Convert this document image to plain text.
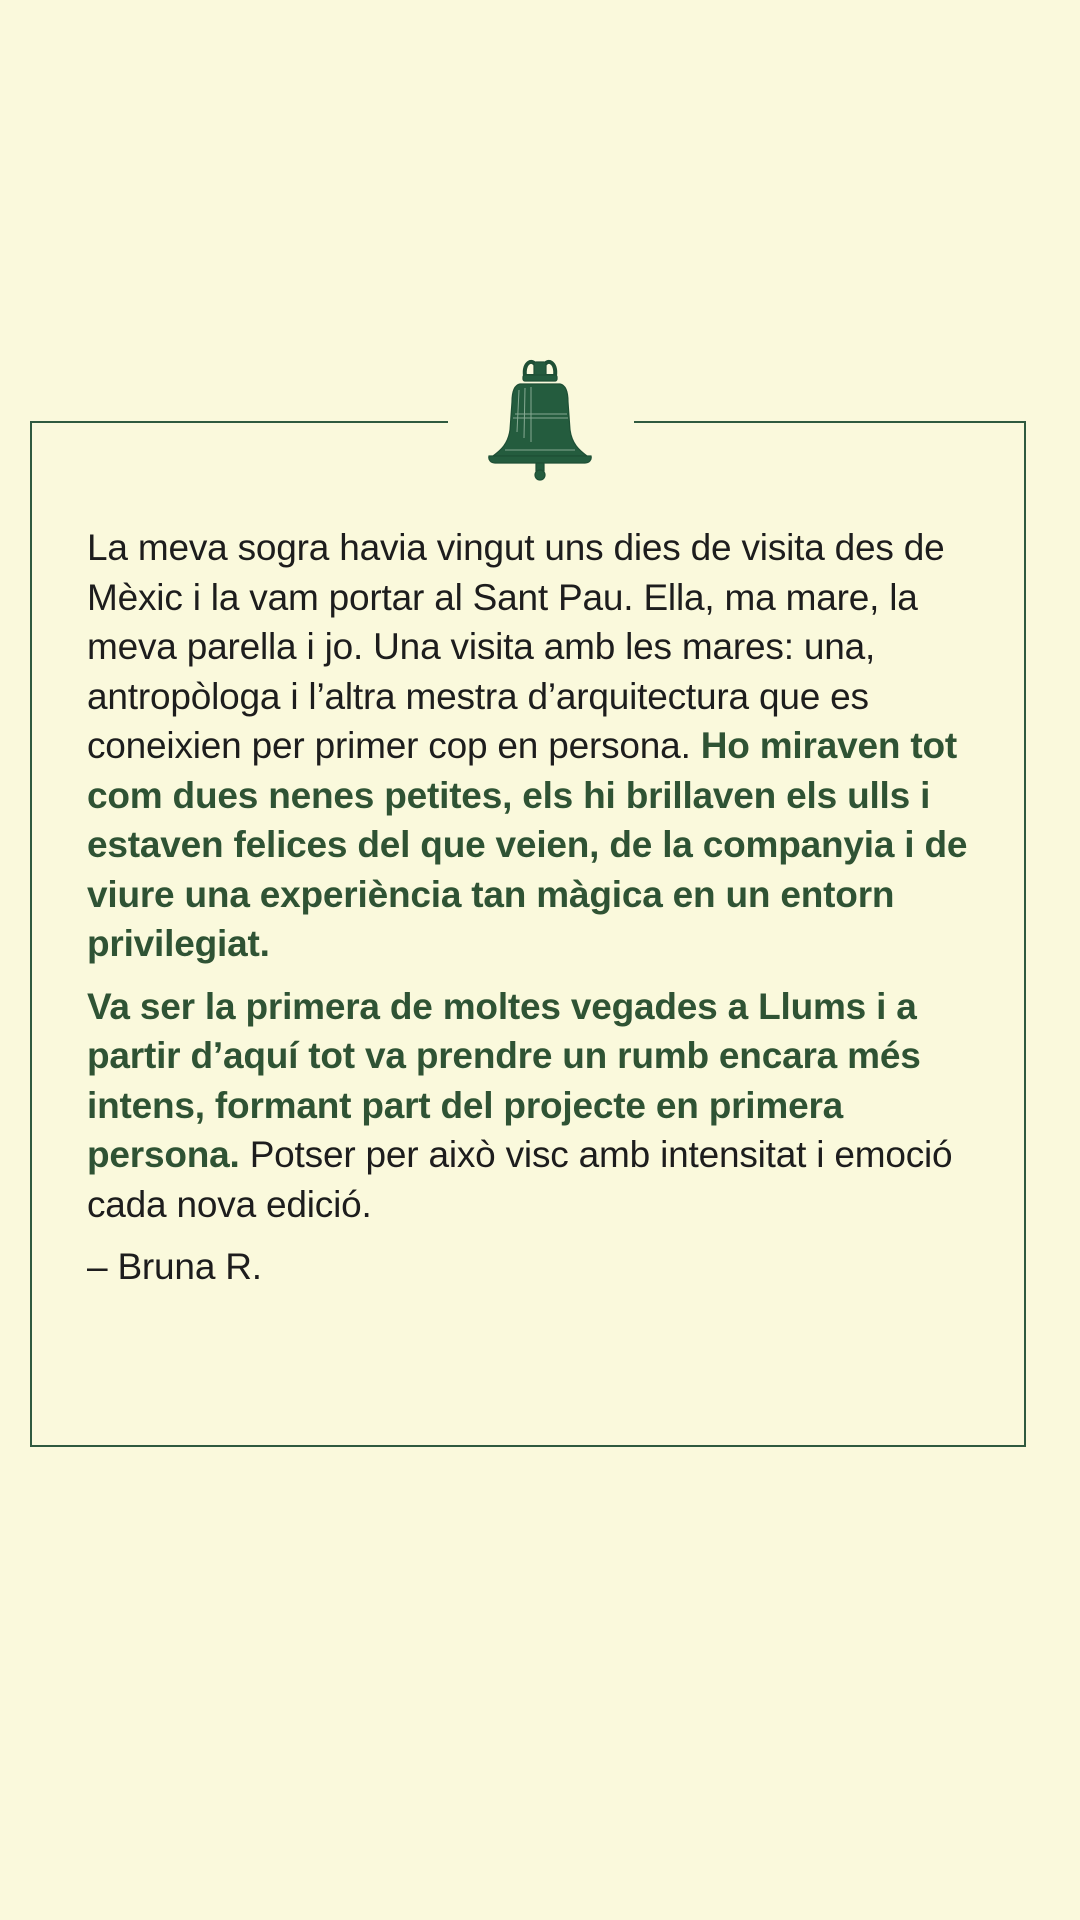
La meva sogra havia vingut uns dies de visita des de Mèxic i la vam portar al Sant Pau. Ella, ma mare, la meva parella i jo. Una visita amb les mares: una, antropòloga i l’altra mestra d’arquitectura que es coneixien per primer cop en persona. Ho miraven tot com dues nenes petites, els hi brillaven els ulls i estaven felices del que veien, de la companyia i de viure una experiència tan màgica en un entorn privilegiat.

Va ser la primera de moltes vegades a Llums i a partir d’aquí tot va prendre un rumb encara més intens, formant part del projecte en primera persona. Potser per això visc amb intensitat i emoció cada nova edició.

– Bruna R.
